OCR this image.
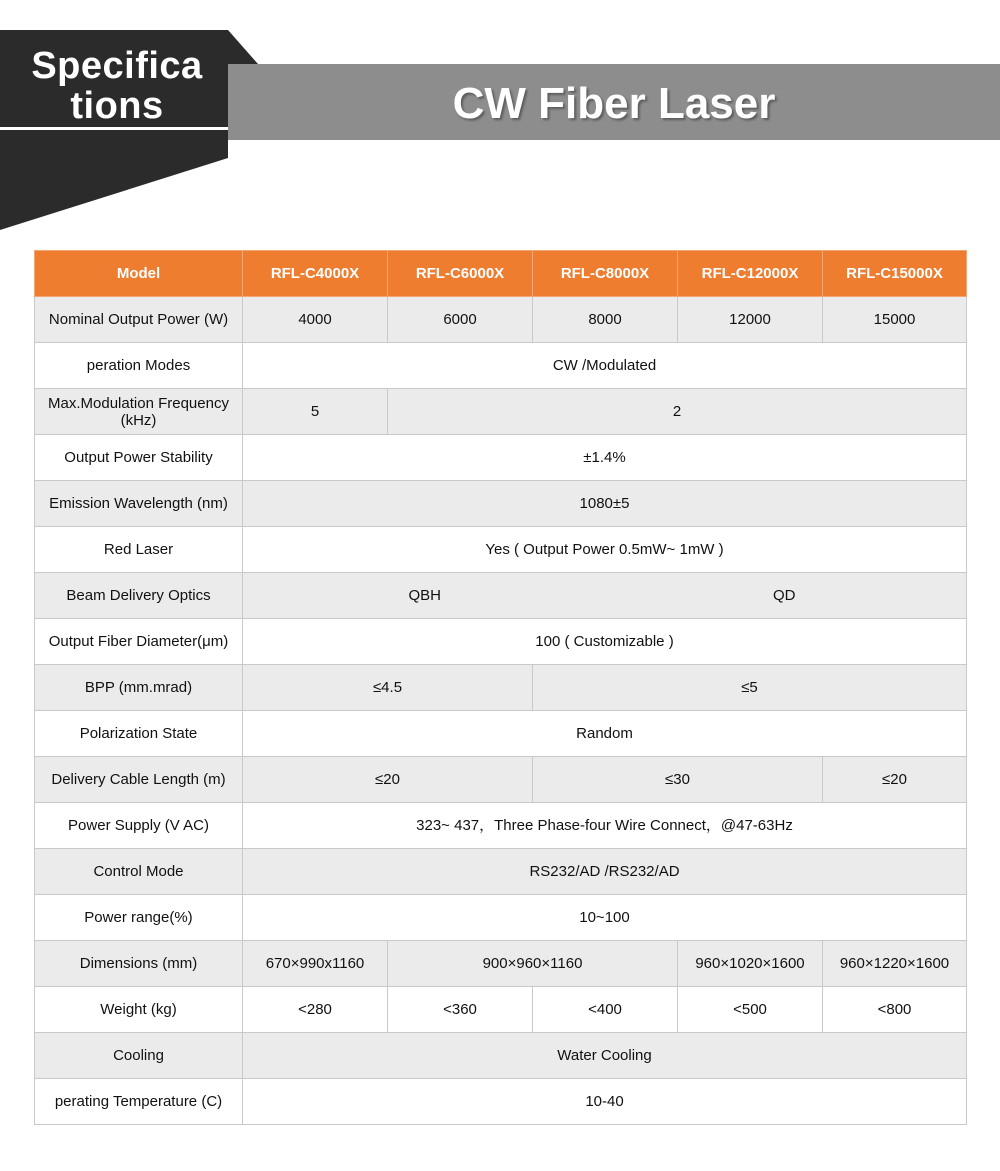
Specifica
tions	CW Fiber Laser
Model	RFL-C4000X	RFL-C6000X	RFL-C8000X	RFL-C12000X	RFL-C15000X
Nominal Output Power (W)	4000	6000	8000	12000	15000
peration Modes	CW /Modulated				
Max.Modulation Frequency (kHz)	5	2			
Output Power Stability	±1.4%				
Emission Wavelength (nm)	1080±5				
Red Laser	Yes ( Output Power 0.5mW~ 1mW )				
Beam Delivery Optics	QBH QD				

Output Fiber Diameter(μm)	100 ( Customizable )				
BPP (mm.mrad)	≤4.5		≤5		
Polarization State	Random				
Delivery Cable Length (m)	≤20		≤30		≤20
Power Supply (V AC)	323~ 437，Three Phase-four Wire Connect，@47-63Hz				
Control Mode	RS232/AD /RS232/AD				
Power range(%)	10~100				
Dimensions (mm)	670×990x1160	900×960×1160		960×1020×1600	960×1220×1600
Weight (kg)	<280	<360	<400	<500	<800
Cooling	Water Cooling				
perating Temperature (C)	10-40				
